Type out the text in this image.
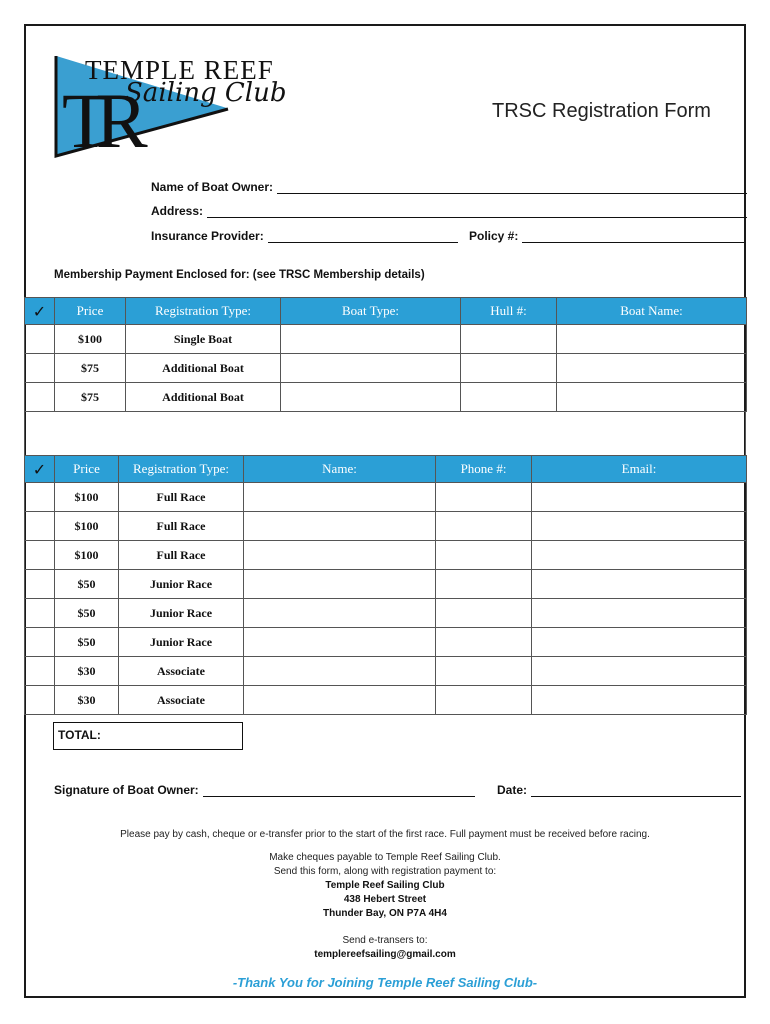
TEMPLE REEF
Sailing Club
TR	TRSC Registration Form
Name of Boat Owner:
Address:
Insurance Provider:	Policy #:
Membership Payment Enclosed for: (see TRSC Membership details)
✓	Price	Registration Type:	Boat Type:	Hull #:	Boat Name:
	$100	Single Boat			
	$75	Additional Boat			
	$75	Additional Boat			
✓	Price	Registration Type:	Name:	Phone #:	Email:
	$100	Full Race			
	$100	Full Race			
	$100	Full Race			
	$50	Junior Race			
	$50	Junior Race			
	$50	Junior Race			
	$30	Associate			
	$30	Associate			
TOTAL:
Signature of Boat Owner:	Date:
Please pay by cash, cheque or e-transfer prior to the start of the first race. Full payment must be received before racing.
Make cheques payable to Temple Reef Sailing Club.
Send this form, along with registration payment to:
Temple Reef Sailing Club
438 Hebert Street
Thunder Bay, ON P7A 4H4
Send e-transers to:
templereefsailing@gmail.com
-Thank You for Joining Temple Reef Sailing Club-
